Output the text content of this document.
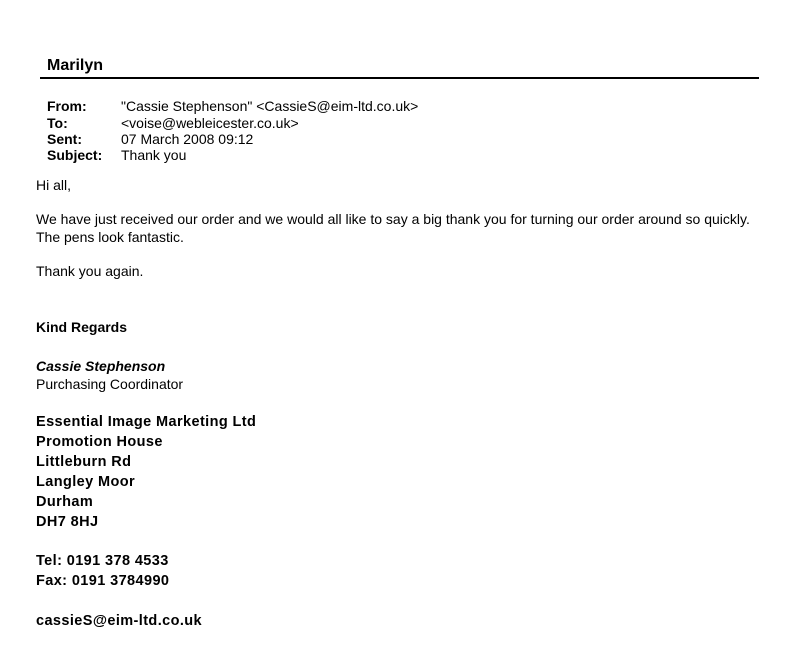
Marilyn
From: "Cassie Stephenson" <CassieS@eim-ltd.co.uk>
To:	<voise@webleicester.co.uk>
Sent:	07 March 2008 09:12
Subject: Thank you
Hi all,
We have just received our order and we would all like to say a big thank you for turning our order around so quickly.
The pens look fantastic.
Thank you again.
Kind Regards
Cassie Stephenson
Purchasing Coordinator
Essential Image Marketing Ltd
Promotion House
Littleburn Rd
Langley Moor
Durham
DH7 8HJ
Tel: 0191 378 4533
Fax: 0191 3784990
cassieS@eim-ltd.co.uk
